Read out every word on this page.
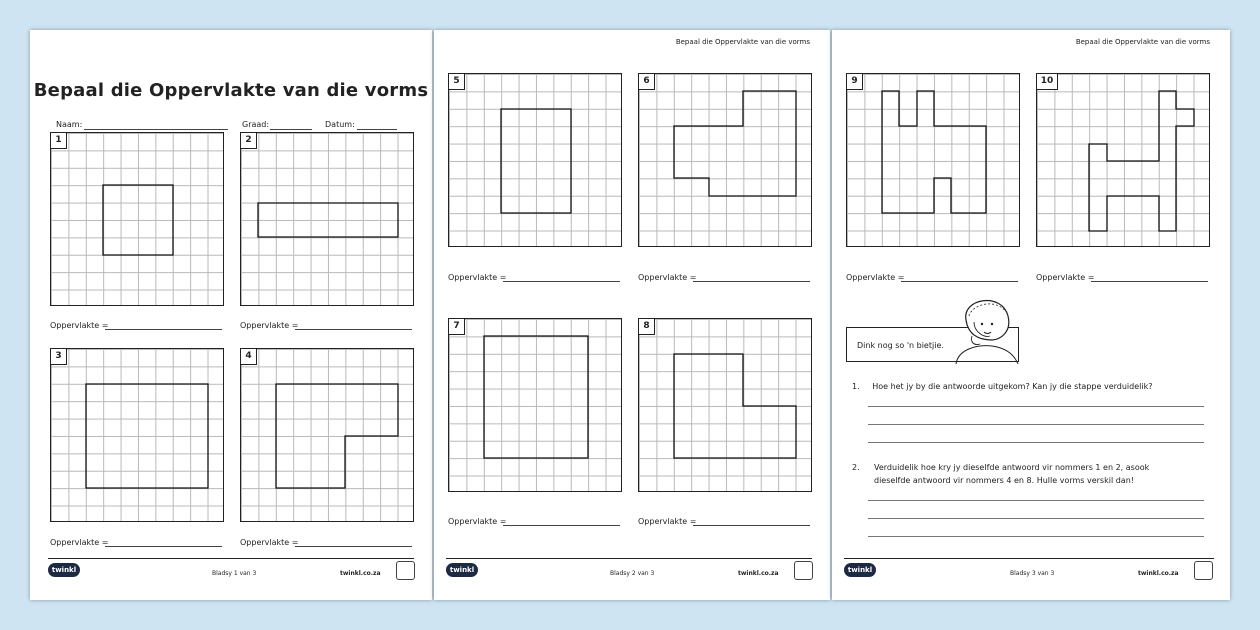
Bepaal die Oppervlakte van die vorms
Naam:	Graad:	Datum:
1
Oppervlakte =
2
Oppervlakte =
3
Oppervlakte =
4
Oppervlakte =
twinkl	Bladsy 1 van 3	twinkl.co.za
Bepaal die Oppervlakte van die vorms
5
Oppervlakte =
6
Oppervlakte =
7
Oppervlakte =
8
Oppervlakte =
twinkl	Bladsy 2 van 3	twinkl.co.za
Bepaal die Oppervlakte van die vorms
9
Oppervlakte =
10
Oppervlakte =
Dink nog so 'n bietjie.
1. Hoe het jy by die antwoorde uitgekom? Kan jy die stappe verduidelik?
2. Verduidelik hoe kry jy dieselfde antwoord vir nommers 1 en 2, asook dieselfde antwoord vir nommers 4 en 8. Hulle vorms verskil dan!
twinkl	Bladsy 3 van 3	twinkl.co.za
